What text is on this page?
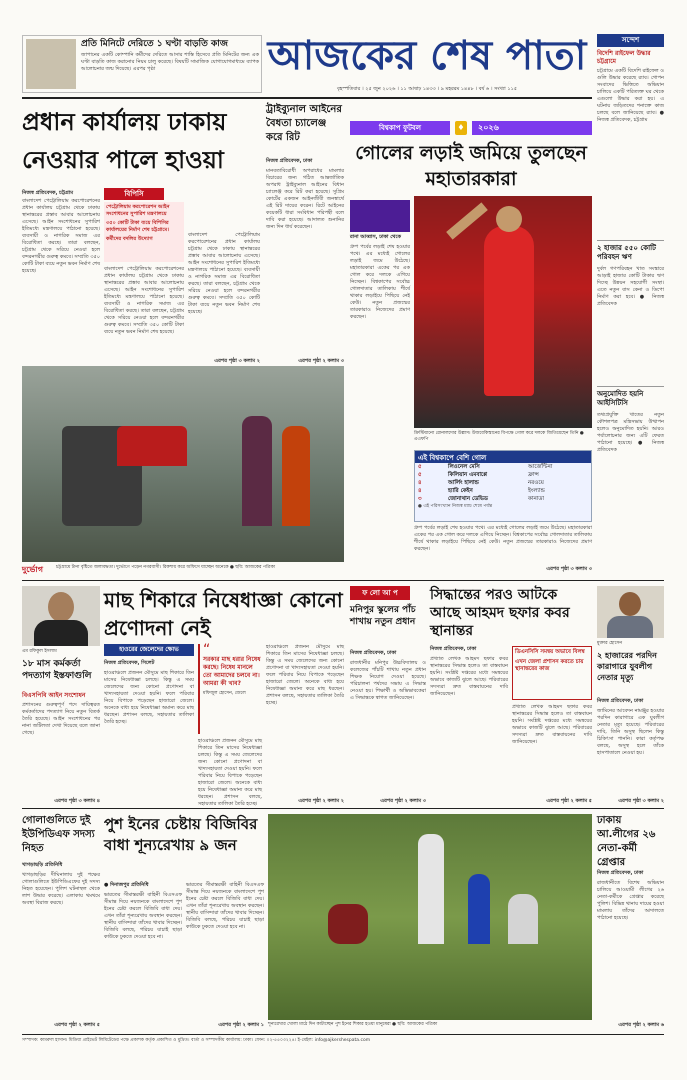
প্রতি মিনিটে দেরিতে ১ ঘণ্টা বাড়তি কাজ
জাপানের একটি কোম্পানি কর্মীদের দেরিতে আসার শাস্তি হিসেবে প্রতি মিনিটের জন্য এক ঘণ্টা বাড়তি কাজ করানোর নিয়ম চালু করেছে। বিষয়টি সামাজিক যোগাযোগমাধ্যমে ব্যাপক আলোচনার জন্ম দিয়েছে। এরপর পৃষ্ঠা	আজকের শেষ পাতা
বৃহস্পতিবার । ২৫ জুন ২০২৬ । ১১ আষাঢ় ১৪৩৩ । ৯ মহররম ১৪৪৮ । বর্ষ ৬ । সংখ্যা ১১৫
সন্দেশ
বিদেশি রাইফেল উদ্ধার চট্টগ্রামে
চট্টগ্রামে একটি বিদেশি রাইফেল ও গুলি উদ্ধার করেছে র‍্যাব। গোপন সংবাদের ভিত্তিতে অভিযান চালিয়ে একটি পরিত্যক্ত ঘর থেকে এগুলো উদ্ধার করা হয়। এ ঘটনায় জড়িতদের শনাক্তে কাজ চলছে বলে জানিয়েছে র‍্যাব। ● নিজস্ব প্রতিবেদক, চট্টগ্রাম
২ হাজার ৫৫০ কোটি পরিবহন ঋণ
দুর্বল গণপরিবহন খাত সংস্কারে আড়াই হাজার কোটি টাকার ঋণ দিচ্ছে উন্নয়ন সহযোগী সংস্থা। এতে নতুন বাস কেনা ও ডিপো নির্মাণ করা হবে। ● নিজস্ব প্রতিবেদক
অনুমোদিত হয়নি আইসিটিসি
তথ্যপ্রযুক্তি খাতের নতুন কৌশলপত্র মন্ত্রিসভায় উত্থাপন হলেও অনুমোদিত হয়নি। আরও পর্যালোচনার জন্য এটি ফেরত পাঠানো হয়েছে। ● নিজস্ব প্রতিবেদক
প্রধান কার্যালয় ঢাকায় নেওয়ার পালে হাওয়া
নিজস্ব প্রতিবেদক, চট্টগ্রাম	বিপিসি
পেট্রোলিয়াম করপোরেশন আইন সংশোধনের সুপারিশ মন্ত্রণালয়ে
৩৫০ কোটি টাকা ব্যয়ে বিপিসির কার্যালয়ের নির্মাণ শেষ চট্টগ্রামে।
কর্মীদের বদলির উদ্যোগ
বাংলাদেশ পেট্রোলিয়াম করপোরেশনের প্রধান কার্যালয় চট্টগ্রাম থেকে ঢাকায় স্থানান্তরের প্রস্তাব আবার আলোচনায় এসেছে। আইন সংশোধনের সুপারিশ ইতিমধ্যে মন্ত্রণালয়ে পাঠানো হয়েছে। ব্যবসায়ী ও নাগরিক সমাজ এর বিরোধিতা করছে। তারা বলছেন, চট্টগ্রাম থেকে সরিয়ে নেওয়া হলে বন্দরনগরীর গুরুত্ব কমবে। সম্প্রতি ৩৫০ কোটি টাকা ব্যয়ে নতুন ভবন নির্মাণ শেষ হয়েছে।	বাংলাদেশ পেট্রোলিয়াম করপোরেশনের প্রধান কার্যালয় চট্টগ্রাম থেকে ঢাকায় স্থানান্তরের প্রস্তাব আবার আলোচনায় এসেছে। আইন সংশোধনের সুপারিশ ইতিমধ্যে মন্ত্রণালয়ে পাঠানো হয়েছে। ব্যবসায়ী ও নাগরিক সমাজ এর বিরোধিতা করছে। তারা বলছেন, চট্টগ্রাম থেকে সরিয়ে নেওয়া হলে বন্দরনগরীর গুরুত্ব কমবে। সম্প্রতি ৩৫০ কোটি টাকা ব্যয়ে নতুন ভবন নির্মাণ শেষ হয়েছে।
বাংলাদেশ পেট্রোলিয়াম করপোরেশনের প্রধান কার্যালয় চট্টগ্রাম থেকে ঢাকায় স্থানান্তরের প্রস্তাব আবার আলোচনায় এসেছে। আইন সংশোধনের সুপারিশ ইতিমধ্যে মন্ত্রণালয়ে পাঠানো হয়েছে। ব্যবসায়ী ও নাগরিক সমাজ এর বিরোধিতা করছে। তারা বলছেন, চট্টগ্রাম থেকে সরিয়ে নেওয়া হলে বন্দরনগরীর গুরুত্ব কমবে। সম্প্রতি ৩৫০ কোটি টাকা ব্যয়ে নতুন ভবন নির্মাণ শেষ হয়েছে।
এরপর পৃষ্ঠা ৩ কলাম ২
ট্রাইব্যুনাল আইনের বৈধতা চ্যালেঞ্জ করে রিট
নিজস্ব প্রতিবেদক, ঢাকা
মানবতাবিরোধী অপরাধের মামলার বিচারের জন্য গঠিত আন্তর্জাতিক অপরাধ ট্রাইব্যুনাল আইনের বিধান চ্যালেঞ্জ করে রিট করা হয়েছে। সুপ্রিম কোর্টের একজন আইনজীবী জনস্বার্থে এই রিট দায়ের করেন। রিটে আইনের কয়েকটি ধারা সংবিধান পরিপন্থী বলে দাবি করা হয়েছে। আদালত শুনানির জন্য দিন ধার্য করেছেন।
এরপর পৃষ্ঠা ২ কলাম ৩
বিশ্বকাপ ফুটবল	♦	২০২৬
গোলের লড়াই জমিয়ে তুলছেন মহাতারকারা
রানা আব্বাস, ঢাকা থেকে
গ্রুপ পর্বের লড়াই শেষ হওয়ার পথে। এর মধ্যেই গোলের লড়াই জমে উঠেছে। মহাতারকারা একের পর এক গোল করে দলকে এগিয়ে নিচ্ছেন। বিশ্বকাপের সর্বোচ্চ গোলদাতার তালিকায় শীর্ষে থাকার লড়াইয়ে পিছিয়ে নেই কেউ। নতুন প্রজন্মের তারকারাও নিজেদের প্রমাণ করছেন।
ক্রিস্টিয়ানো রোনালদোর উল্লাস। উজবেকিস্তানের বিপক্ষে গোল করে দলকে জিতিয়েছেন তিনি ● এএফপি
এই বিশ্বকাপে বেশি গোল
৫	লিওনেল মেসি	আর্জেন্টিনা
৫	কিলিয়ান এমবাপ্পে	ফ্রান্স
৪	আর্লিং হালান্ড	নরওয়ে
৪	হ্যারি কেইন	ইংল্যান্ড
৩	জোনাথান ডেভিড	কানাডা
● এই পরিসংখ্যান নিজস্ব ম্যাচ শেষে পর্যন্ত
গ্রুপ পর্বের লড়াই শেষ হওয়ার পথে। এর মধ্যেই গোলের লড়াই জমে উঠেছে। মহাতারকারা একের পর এক গোল করে দলকে এগিয়ে নিচ্ছেন। বিশ্বকাপের সর্বোচ্চ গোলদাতার তালিকায় শীর্ষে থাকার লড়াইয়ে পিছিয়ে নেই কেউ। নতুন প্রজন্মের তারকারাও নিজেদের প্রমাণ করছেন।
এরপর পৃষ্ঠা ৩ কলাম ৩
দুর্ভোগ	চট্টগ্রামে টানা বৃষ্টিতে জলাবদ্ধতা। দুর্ভোগে পড়েন নগরবাসী। রিকশায় করে অফিসে যাচ্ছেন অনেকে ● ছবি: আজকের পত্রিকা
এম রফিকুল ইসলাম
১৮ মাস কর্মকর্তা পদত্যাগ ইস্তফাগুলি
বিএসপিবি আইন সংশোধন
প্রশাসনের গুরুত্বপূর্ণ পদে দায়িত্বরত কর্মকর্তাদের পদত্যাগ নিয়ে নতুন বিতর্ক তৈরি হয়েছে। আইন সংশোধনের পর নানা জটিলতা দেখা দিয়েছে বলে জানা গেছে।
এরপর পৃষ্ঠা ৩ কলাম ৪
মাছ শিকারে নিষেধাজ্ঞা কোনো প্রণোদনা নেই
হাওরের জেলেদের ক্ষোভ
নিজস্ব প্রতিবেদক, সিলেট
হাওরাঞ্চলে প্রজনন মৌসুমে মাছ শিকারে তিন মাসের নিষেধাজ্ঞা চলছে। কিন্তু এ সময় জেলেদের জন্য কোনো প্রণোদনা বা খাদ্যসহায়তা দেওয়া হয়নি। ফলে পরিবার নিয়ে বিপাকে পড়েছেন হাজারো জেলে। অনেকে বাধ্য হয়ে নিষেধাজ্ঞা অমান্য করে মাছ ধরছেন। প্রশাসন বলছে, সহায়তার তালিকা তৈরি হচ্ছে।
“
সরকার মাছ ধরার নিষেধ করছে। নিষেধ মানলে তো আমাদের চলবে না। আমরা কী খাব?
মফিজুল হোসেন, জেলে
হাওরাঞ্চলে প্রজনন মৌসুমে মাছ শিকারে তিন মাসের নিষেধাজ্ঞা চলছে। কিন্তু এ সময় জেলেদের জন্য কোনো প্রণোদনা বা খাদ্যসহায়তা দেওয়া হয়নি। ফলে পরিবার নিয়ে বিপাকে পড়েছেন হাজারো জেলে। অনেকে বাধ্য হয়ে নিষেধাজ্ঞা অমান্য করে মাছ ধরছেন। প্রশাসন বলছে, সহায়তার তালিকা তৈরি হচ্ছে।
হাওরাঞ্চলে প্রজনন মৌসুমে মাছ শিকারে তিন মাসের নিষেধাজ্ঞা চলছে। কিন্তু এ সময় জেলেদের জন্য কোনো প্রণোদনা বা খাদ্যসহায়তা দেওয়া হয়নি। ফলে পরিবার নিয়ে বিপাকে পড়েছেন হাজারো জেলে। অনেকে বাধ্য হয়ে নিষেধাজ্ঞা অমান্য করে মাছ ধরছেন। প্রশাসন বলছে, সহায়তার তালিকা তৈরি হচ্ছে।
এরপর পৃষ্ঠা ২ কলাম ২
ফ লো আ প
মনিপুর স্কুলের পাঁচ শাখায় নতুন প্রধান
নিজস্ব প্রতিবেদক, ঢাকা
রাজধানীর মনিপুর উচ্চবিদ্যালয় ও কলেজের পাঁচটি শাখায় নতুন প্রধান শিক্ষক নিয়োগ দেওয়া হয়েছে। পরিচালনা পর্ষদের সভায় এ সিদ্ধান্ত নেওয়া হয়। শিক্ষার্থী ও অভিভাবকেরা এ সিদ্ধান্তকে স্বাগত জানিয়েছেন।
এরপর পৃষ্ঠা ২ কলাম ৩
সিদ্ধান্তের পরও আটকে আছে আহমদ ছফার কবর স্থানান্তর
নিজস্ব প্রতিবেদক, ঢাকা
প্রখ্যাত লেখক আহমদ ছফার কবর স্থানান্তরের সিদ্ধান্ত হলেও তা বাস্তবায়ন হয়নি। সংশ্লিষ্ট দপ্তরের মধ্যে সমন্বয়ের অভাবে কাজটি ঝুলে আছে। পরিবারের সদস্যরা দ্রুত বাস্তবায়নের দাবি জানিয়েছেন।
ডিএনসিসি সমন্বয় অভাবে বিলম্ব
এখন জেলা প্রশাসন করতে চায় স্থানান্তরের কাজ
প্রখ্যাত লেখক আহমদ ছফার কবর স্থানান্তরের সিদ্ধান্ত হলেও তা বাস্তবায়ন হয়নি। সংশ্লিষ্ট দপ্তরের মধ্যে সমন্বয়ের অভাবে কাজটি ঝুলে আছে। পরিবারের সদস্যরা দ্রুত বাস্তবায়নের দাবি জানিয়েছেন।
এরপর পৃষ্ঠা ২ কলাম ৫
মুক্তার হোসেন
২ হাজারের পরদিন কারাগারে যুবলীগ নেতার মৃত্যু
নিজস্ব প্রতিবেদক, ঢাকা
জামিনের আবেদন নামঞ্জুর হওয়ার পরদিন কারাগারে এক যুবলীগ নেতার মৃত্যু হয়েছে। পরিবারের দাবি, তিনি অসুস্থ ছিলেন কিন্তু চিকিৎসা পাননি। কারা কর্তৃপক্ষ বলছে, অসুস্থ হলে তাঁকে হাসপাতালে নেওয়া হয়।
এরপর পৃষ্ঠা ৩ কলাম ২
গোলাগুলিতে দুই ইউপিডিএফ সদস্য নিহত
খাগড়াছড়ি প্রতিনিধি
খাগড়াছড়ির দীঘিনালায় দুই পক্ষের গোলাগুলিতে ইউপিডিএফের দুই সদস্য নিহত হয়েছেন। পুলিশ ঘটনাস্থল থেকে লাশ উদ্ধার করেছে। এলাকায় থমথমে অবস্থা বিরাজ করছে।
এরপর পৃষ্ঠা ২ কলাম ৫
পুশ ইনের চেষ্টায় বিজিবির বাধা শূন্যরেখায় ৯ জন
● দিনাজপুর প্রতিনিধি
ভারতের সীমান্তরক্ষী বাহিনী বিএসএফ সীমান্ত দিয়ে নয়জনকে বাংলাদেশে পুশ ইনের চেষ্টা করলে বিজিবি বাধা দেয়। এখন তাঁরা শূন্যরেখায় অবস্থান করছেন। স্থানীয় বাসিন্দারা তাঁদের খাবার দিচ্ছেন। বিজিবি বলছে, পরিচয় যাচাই ছাড়া কাউকে ঢুকতে দেওয়া হবে না।
ভারতের সীমান্তরক্ষী বাহিনী বিএসএফ সীমান্ত দিয়ে নয়জনকে বাংলাদেশে পুশ ইনের চেষ্টা করলে বিজিবি বাধা দেয়। এখন তাঁরা শূন্যরেখায় অবস্থান করছেন। স্থানীয় বাসিন্দারা তাঁদের খাবার দিচ্ছেন। বিজিবি বলছে, পরিচয় যাচাই ছাড়া কাউকে ঢুকতে দেওয়া হবে না।
শূন্যরেখার খোলা মাঠে দিন কাটাচ্ছেন পুশ ইনের শিকার হওয়া মানুষেরা ● ছবি: আজকের পত্রিকা
এরপর পৃষ্ঠা ২ কলাম ১
ঢাকায় আ.লীগের ২৬ নেতা-কর্মী গ্রেপ্তার
নিজস্ব প্রতিবেদক, ঢাকা
রাজধানীতে বিশেষ অভিযান চালিয়ে আওয়ামী লীগের ২৬ নেতা-কর্মীকে গ্রেপ্তার করেছে পুলিশ। বিভিন্ন থানায় দায়ের হওয়া মামলায় তাঁদের আদালতে পাঠানো হয়েছে।
এরপর পৃষ্ঠা ২ কলাম ৬
সম্পাদক: কামরুল হাসান। মিডিয়া প্রাইভেট লিমিটেডের পক্ষে প্রকাশক কর্তৃক প্রকাশিত ও মুদ্রিত। বার্তা ও সম্পাদকীয় কার্যালয়: ঢাকা। ফোন: ০২-৫৫০৩২২৪। ই-মেইল: info@ajkershespata.com
